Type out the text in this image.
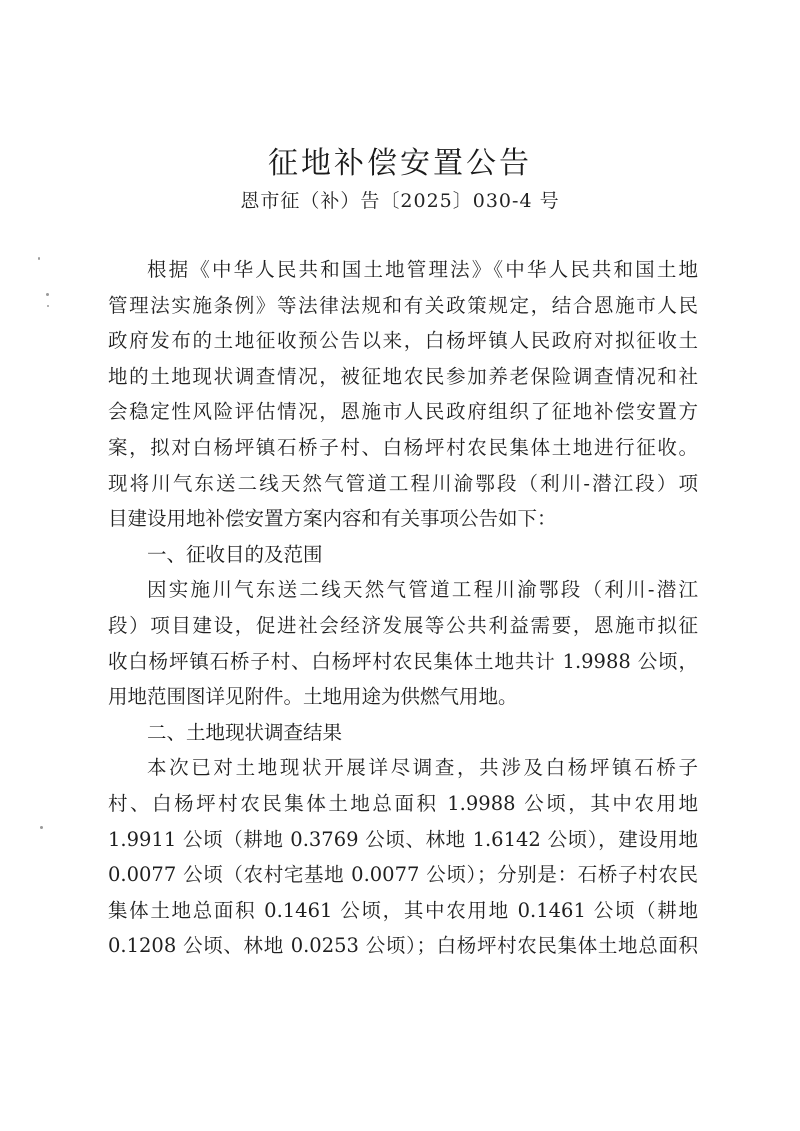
征地补偿安置公告
恩市征（补）告〔2025〕030-4 号
根据《中华人民共和国土地管理法》《中华人民共和国土地
管理法实施条例》等法律法规和有关政策规定，结合恩施市人民
政府发布的土地征收预公告以来，白杨坪镇人民政府对拟征收土
地的土地现状调查情况，被征地农民参加养老保险调查情况和社
会稳定性风险评估情况，恩施市人民政府组织了征地补偿安置方
案，拟对白杨坪镇石桥子村、白杨坪村农民集体土地进行征收。
现将川气东送二线天然气管道工程川渝鄂段（利川-潜江段）项
目建设用地补偿安置方案内容和有关事项公告如下：
一、征收目的及范围
因实施川气东送二线天然气管道工程川渝鄂段（利川-潜江
段）项目建设，促进社会经济发展等公共利益需要，恩施市拟征
收白杨坪镇石桥子村、白杨坪村农民集体土地共计 1.9988 公顷，
用地范围图详见附件。土地用途为供燃气用地。
二、土地现状调查结果
本次已对土地现状开展详尽调查，共涉及白杨坪镇石桥子
村、白杨坪村农民集体土地总面积 1.9988 公顷，其中农用地
1.9911 公顷（耕地 0.3769 公顷、林地 1.6142 公顷），建设用地
0.0077 公顷（农村宅基地 0.0077 公顷）；分别是：石桥子村农民
集体土地总面积 0.1461 公顷，其中农用地 0.1461 公顷（耕地
0.1208 公顷、林地 0.0253 公顷）；白杨坪村农民集体土地总面积
